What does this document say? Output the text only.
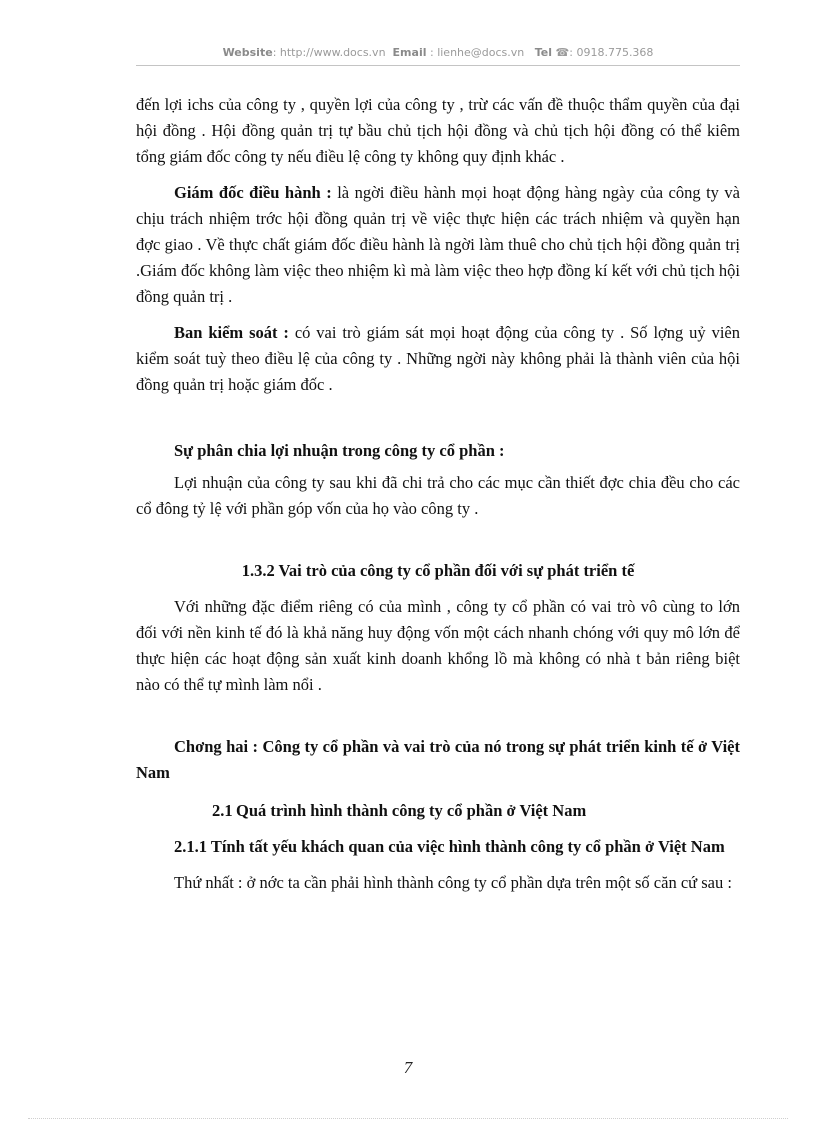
Website: http://www.docs.vn Email : lienhe@docs.vn Tel ☎: 0918.775.368

đến lợi ichs của công ty , quyền lợi của công ty , trừ các vấn đề thuộc thẩm quyền của đại hội đồng . Hội đồng quản trị tự bầu chủ tịch hội đồng và chủ tịch hội đồng có thể kiêm tổng giám đốc công ty nếu điều lệ công ty không quy định khác .

Giám đốc điều hành : là ngời điều hành mọi hoạt động hàng ngày của công ty và chịu trách nhiệm trớc hội đồng quản trị về việc thực hiện các trách nhiệm và quyền hạn đợc giao . Về thực chất giám đốc điều hành là ngời làm thuê cho chủ tịch hội đồng quản trị .Giám đốc không làm việc theo nhiệm kì mà làm việc theo hợp đồng kí kết với chủ tịch hội đồng quản trị .

Ban kiểm soát : có vai trò giám sát mọi hoạt động của công ty . Số lợng uỷ viên kiểm soát tuỳ theo điều lệ của công ty . Những ngời này không phải là thành viên của hội đồng quản trị hoặc giám đốc .

Sự phân chia lợi nhuận trong công ty cổ phần :

Lợi nhuận của công ty sau khi đã chi trả cho các mục cần thiết đợc chia đều cho các cổ đông tỷ lệ với phần góp vốn của họ vào công ty .

1.3.2 Vai trò của công ty cổ phần đối với sự phát triển tế

Với những đặc điểm riêng có của mình , công ty cổ phần có vai trò vô cùng to lớn đối với nền kinh tế đó là khả năng huy động vốn một cách nhanh chóng với quy mô lớn để thực hiện các hoạt động sản xuất kinh doanh khổng lồ mà không có nhà t bản riêng biệt nào có thể tự mình làm nổi .

Chơng hai : Công ty cổ phần và vai trò của nó trong sự phát triển kinh tế ở Việt Nam

2.1 Quá trình hình thành công ty cổ phần ở Việt Nam

2.1.1 Tính tất yếu khách quan của việc hình thành công ty cổ phần ở Việt Nam

Thứ nhất : ở nớc ta cần phải hình thành công ty cổ phần dựa trên một số căn cứ sau :

7
